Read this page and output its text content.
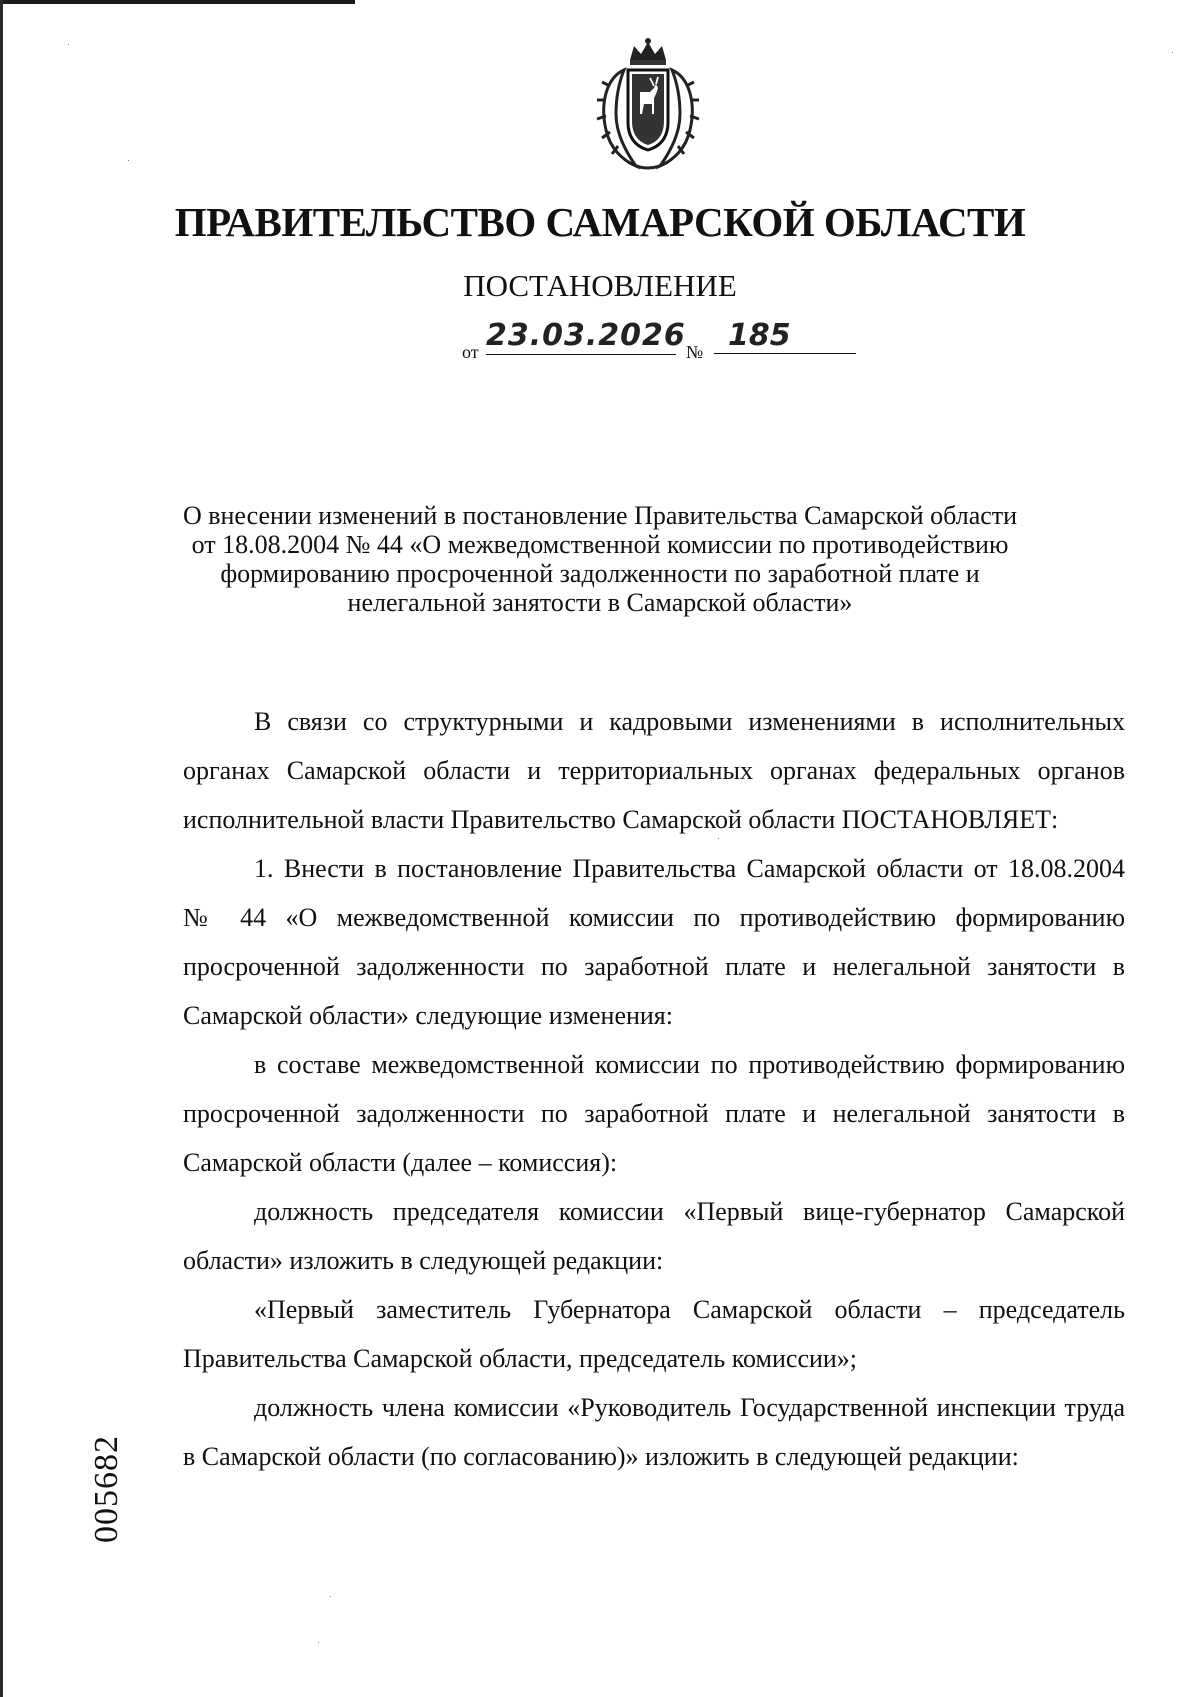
ПРАВИТЕЛЬСТВО САМАРСКОЙ ОБЛАСТИ
ПОСТАНОВЛЕНИЕ
от 23.03.2026 № 185
О внесении изменений в постановление Правительства Самарской области
от 18.08.2004 № 44 «О межведомственной комиссии по противодействию
формированию просроченной задолженности по заработной плате и
нелегальной занятости в Самарской области»

В связи со структурными и кадровыми изменениями в исполнительных органах Самарской области и территориальных органах федеральных органов исполнительной власти Правительство Самарской области ПОСТАНОВЛЯЕТ:

1. Внести в постановление Правительства Самарской области от 18.08.2004 № 44 «О межведомственной комиссии по противодействию формированию просроченной задолженности по заработной плате и нелегальной занятости в Самарской области» следующие изменения:

в составе межведомственной комиссии по противодействию формированию просроченной задолженности по заработной плате и нелегальной занятости в Самарской области (далее – комиссия):

должность председателя комиссии «Первый вице-губернатор Самарской области» изложить в следующей редакции:

«Первый заместитель Губернатора Самарской области – председатель Правительства Самарской области, председатель комиссии»;

должность члена комиссии «Руководитель Государственной инспекции труда в Самарской области (по согласованию)» изложить в следующей редакции:

005682
